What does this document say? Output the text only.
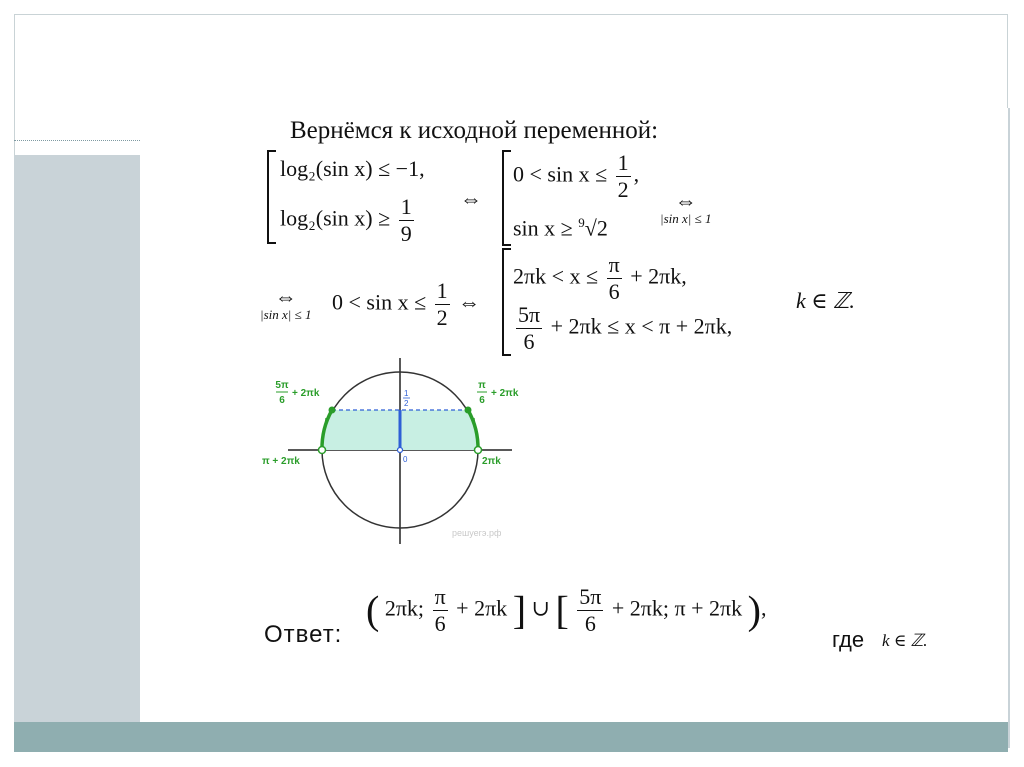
Вернёмся к исходной переменной:
log₂(sin x) ≤ −1,
log₂(sin $x) \ge \frac{1}{9}$ ⇔
$0 < \sin x \le \frac{1}{2}$ ,
sin x ≥ $^9$√2
⇔
|sin x| ≤ 1
⇔
|sin x| ≤ 1 $0 < \sin x \le \frac{1}{2}$ ⇔
$2\pi k < x \le \frac{\pi}{6} + 2\pi k$,
$\frac{5\pi}{6} + 2\pi k \le x < \pi + 2\pi k$,
k ∈ ℤ.
5π
6
+ 2πk
π
6
+ 2πk
π + 2πk	2πk
1
2
0
решуегэ.рф
Ответ:
( 2πk; $\frac{\pi}{6} + 2\pi k$ ] ∪ [ $\frac{5\pi}{6} + 2\pi k$; π + 2πk ),
где k ∈ ℤ.
